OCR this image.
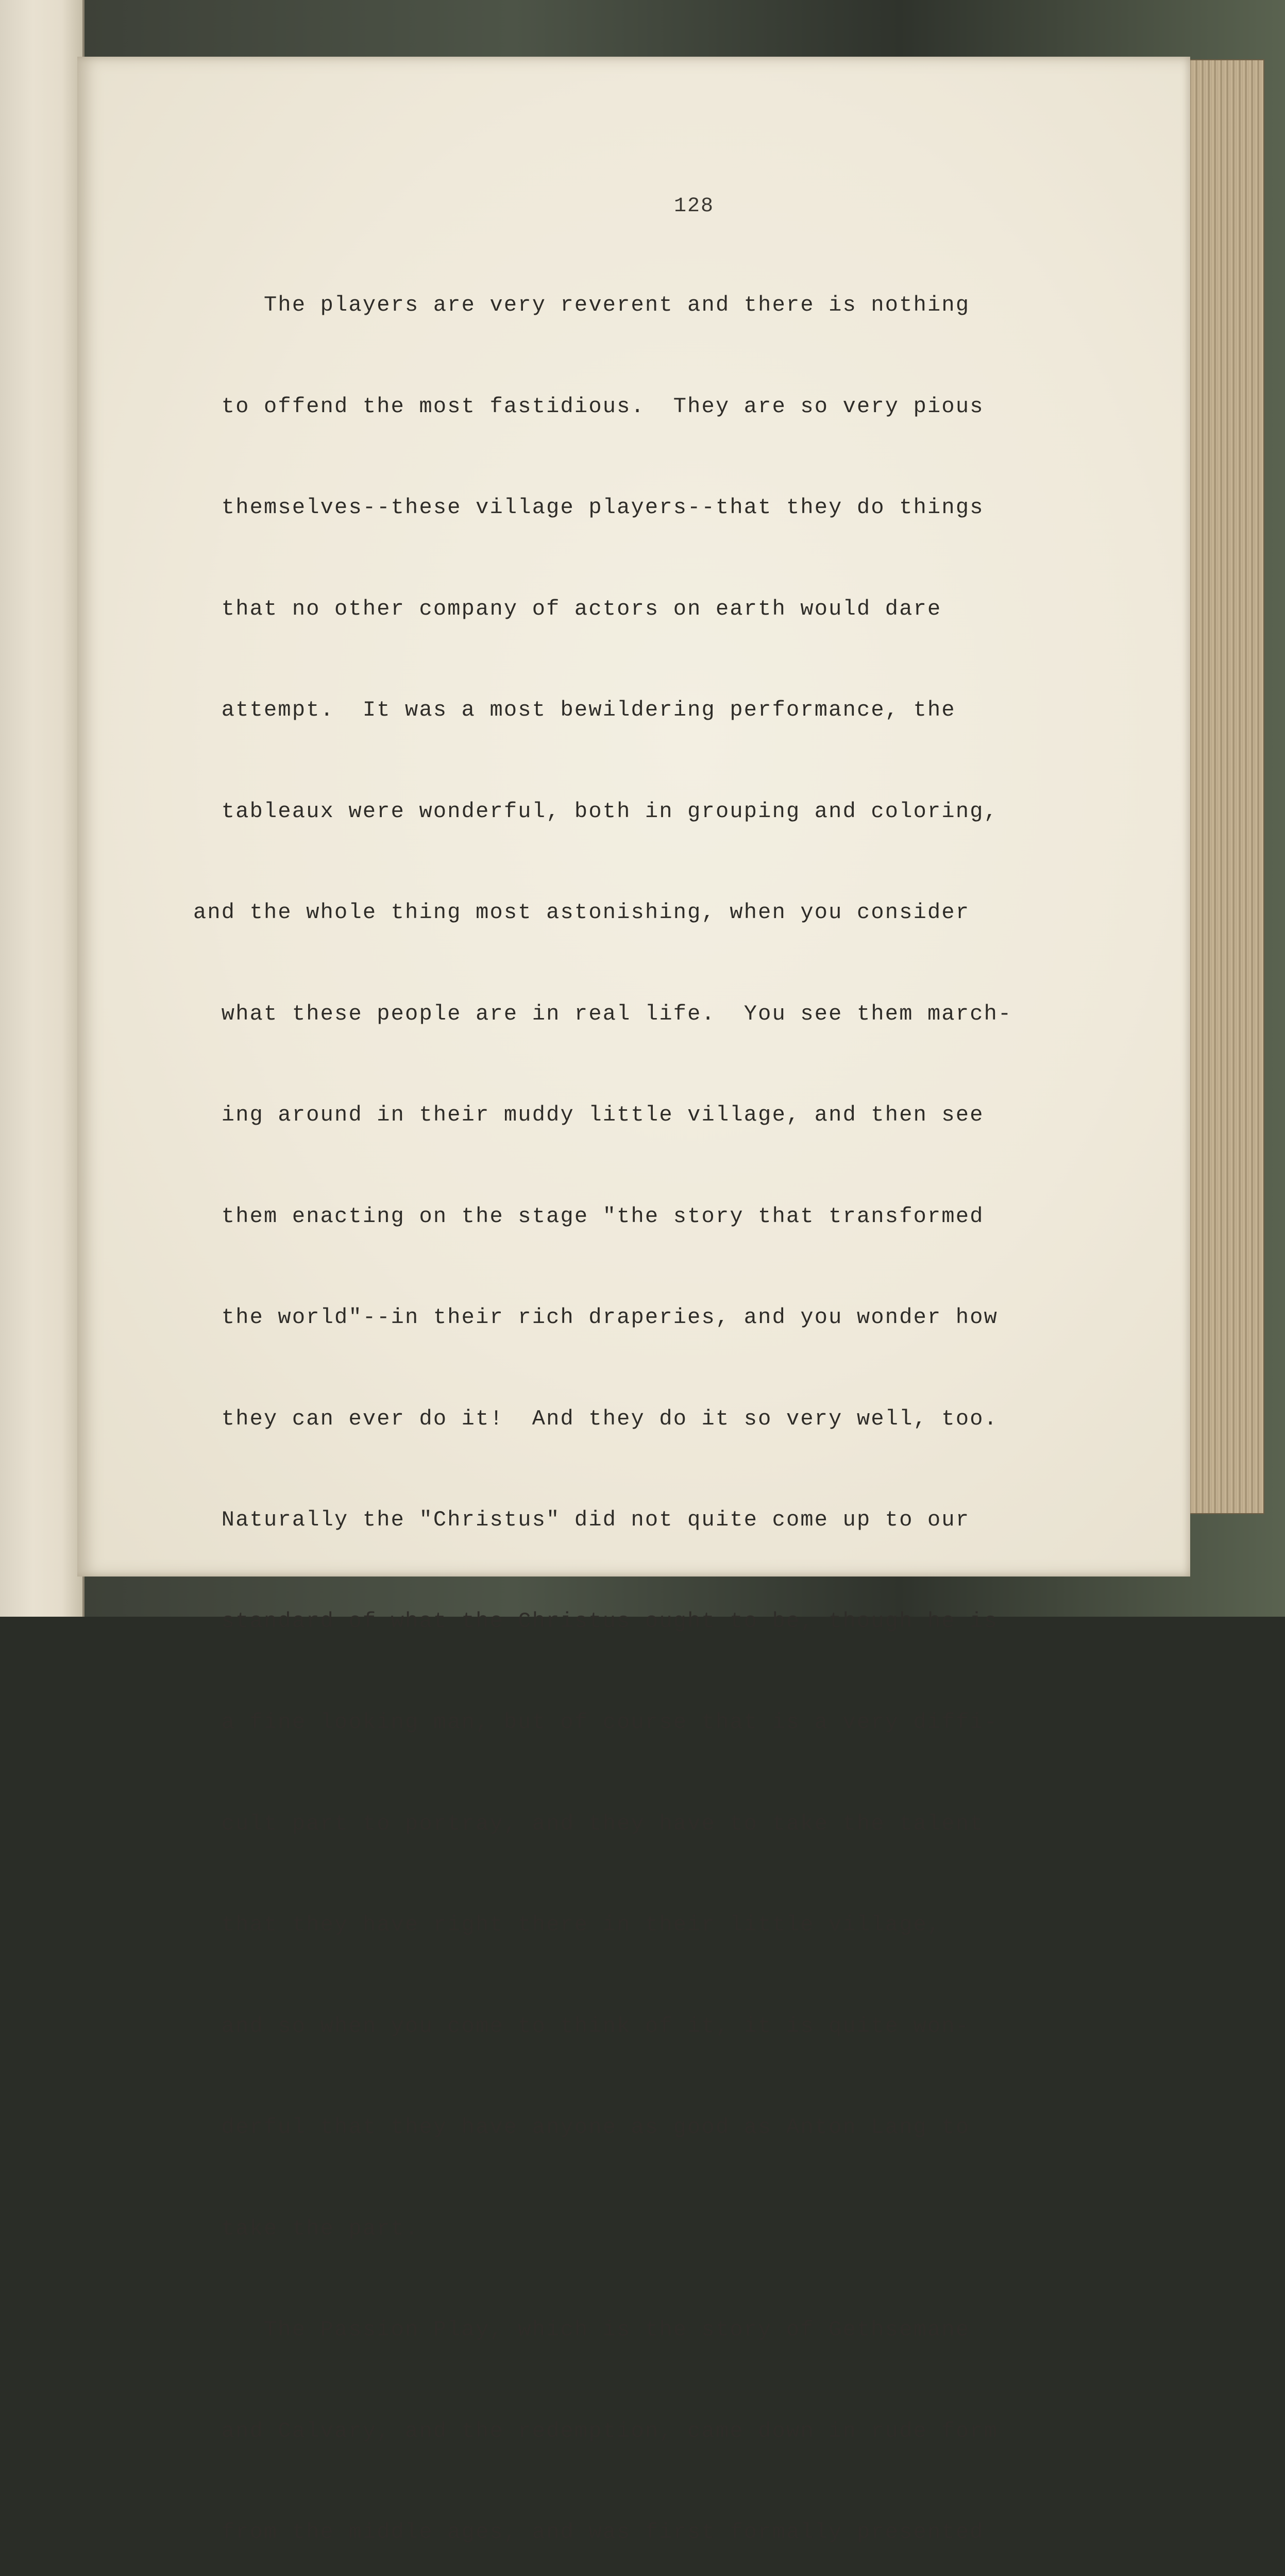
128

The players are very reverent and there is nothing

to offend the most fastidious.  They are so very pious

themselves--these village players--that they do things

that no other company of actors on earth would dare

attempt.  It was a most bewildering performance, the

tableaux were wonderful, both in grouping and coloring,

and the whole thing most astonishing, when you consider

what these people are in real life.  You see them march-

ing around in their muddy little village, and then see

them enacting on the stage "the story that transformed

the world"--in their rich draperies, and you wonder how

they can ever do it!  And they do it so very well, too.

Naturally the "Christus" did not quite come up to our

standard of what the Christus ought to be, though he is

a fine looking man, but of course that is a very diffi-

cult part to portray, and they have to take the talent

that they have right there in their little village,

and so when you come to think of it, it is quite won-

derful that they have anyone as good as Anton Lang to

take the part.

The Passion Play, which is the story of Gethsemane

and Calvary, and the redemption, came down in rude form

from the middle ages, and was first formally presented
